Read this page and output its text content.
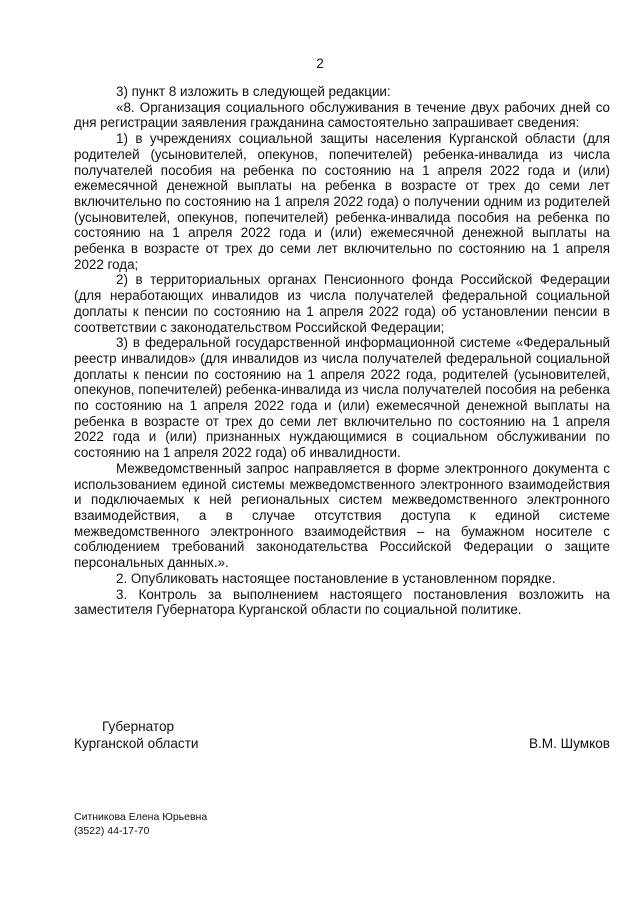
2

3) пункт 8 изложить в следующей редакции:

«8. Организация социального обслуживания в течение двух рабочих дней со дня регистрации заявления гражданина самостоятельно запрашивает сведения:

1) в учреждениях социальной защиты населения Курганской области (для родителей (усыновителей, опекунов, попечителей) ребенка-инвалида из числа получателей пособия на ребенка по состоянию на 1 апреля 2022 года и (или) ежемесячной денежной выплаты на ребенка в возрасте от трех до семи лет включительно по состоянию на 1 апреля 2022 года) о получении одним из родителей (усыновителей, опекунов, попечителей) ребенка-инвалида пособия на ребенка по состоянию на 1 апреля 2022 года и (или) ежемесячной денежной выплаты на ребенка в возрасте от трех до семи лет включительно по состоянию на 1 апреля 2022 года;

2) в территориальных органах Пенсионного фонда Российской Федерации (для неработающих инвалидов из числа получателей федеральной социальной доплаты к пенсии по состоянию на 1 апреля 2022 года) об установлении пенсии в соответствии с законодательством Российской Федерации;

3) в федеральной государственной информационной системе «Федеральный реестр инвалидов» (для инвалидов из числа получателей федеральной социальной доплаты к пенсии по состоянию на 1 апреля 2022 года, родителей (усыновителей, опекунов, попечителей) ребенка-инвалида из числа получателей пособия на ребенка по состоянию на 1 апреля 2022 года и (или) ежемесячной денежной выплаты на ребенка в возрасте от трех до семи лет включительно по состоянию на 1 апреля 2022 года и (или) признанных нуждающимися в социальном обслуживании по состоянию на 1 апреля 2022 года) об инвалидности.

Межведомственный запрос направляется в форме электронного документа с использованием единой системы межведомственного электронного взаимодействия и подключаемых к ней региональных систем межведомственного электронного взаимодействия, а в случае отсутствия доступа к единой системе межведомственного электронного взаимодействия – на бумажном носителе с соблюдением требований законодательства Российской Федерации о защите персональных данных.».

2. Опубликовать настоящее постановление в установленном порядке.

3. Контроль за выполнением настоящего постановления возложить на заместителя Губернатора Курганской области по социальной политике.

Губернатор
Курганской области	В.М. Шумков
Ситникова Елена Юрьевна
(3522) 44-17-70
